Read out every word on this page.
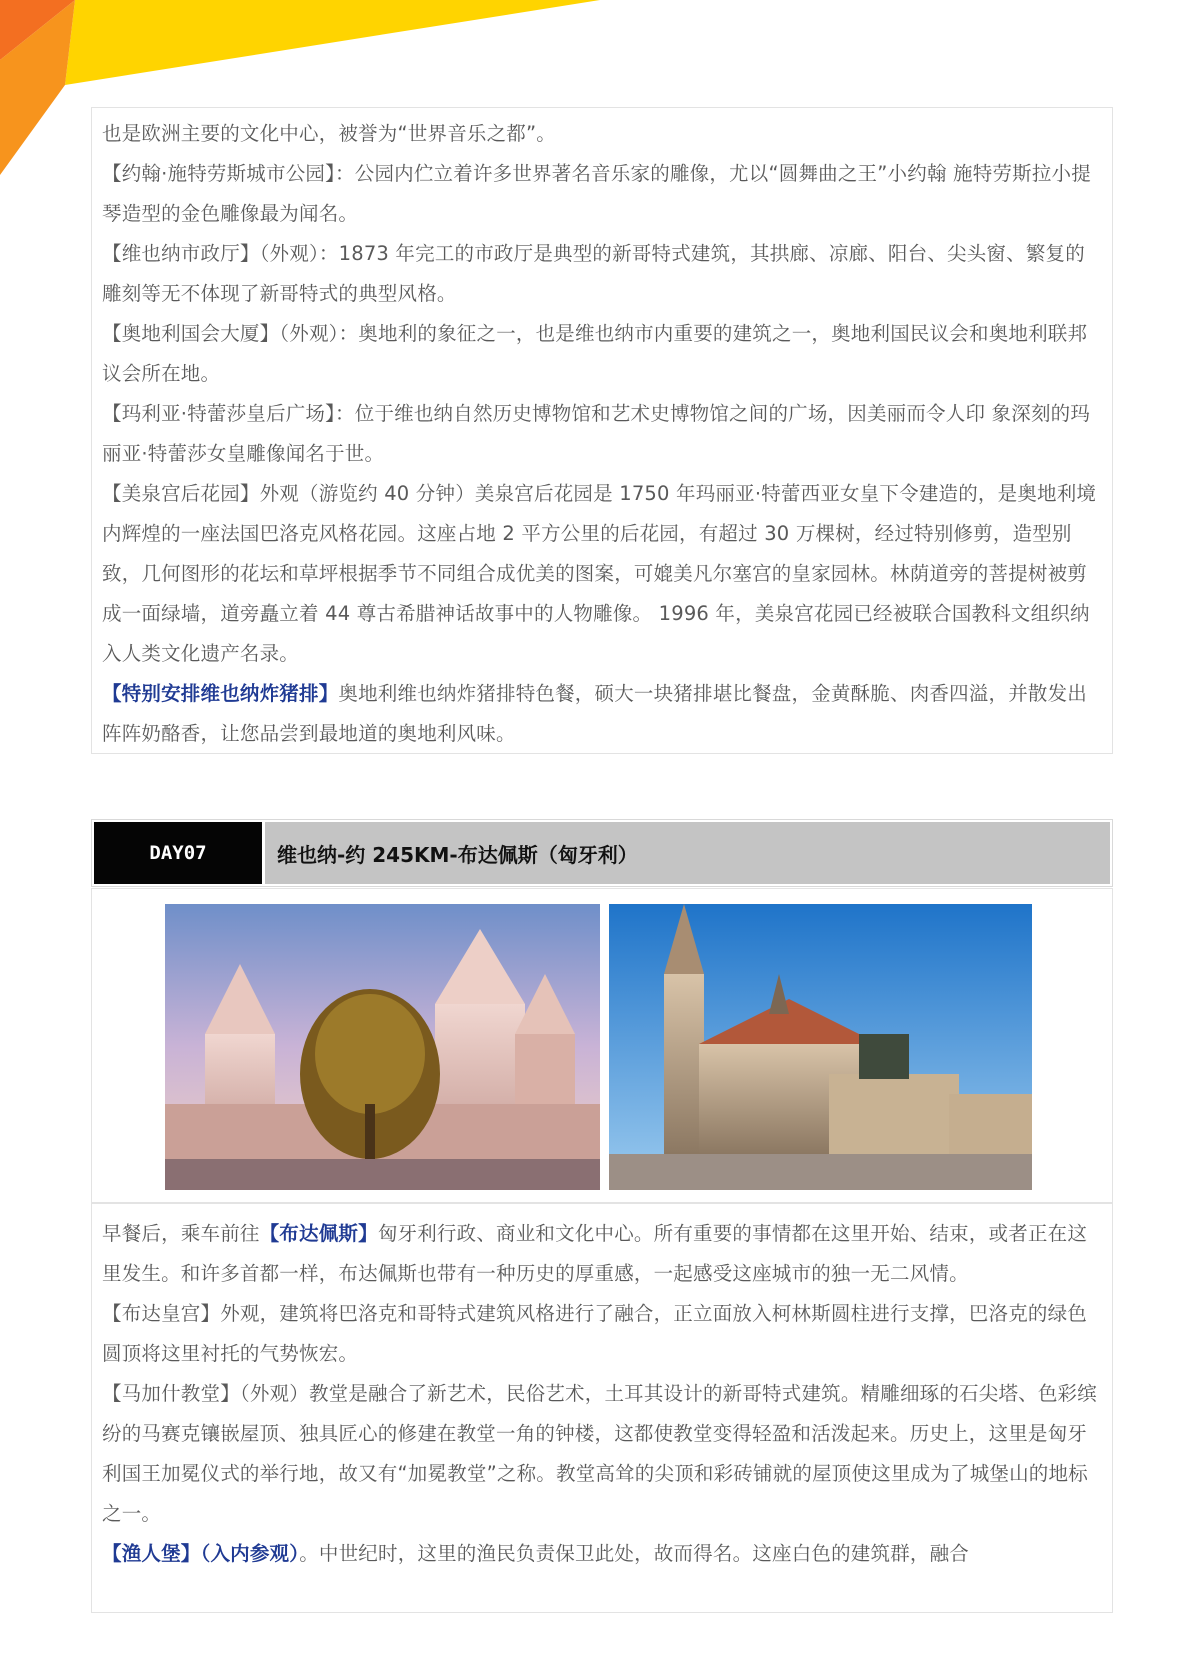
也是欧洲主要的文化中心，被誉为“世界音乐之都”。

【约翰·施特劳斯城市公园】：公园内伫立着许多世界著名音乐家的雕像，尤以“圆舞曲之王”小约翰 施特劳斯拉小提琴造型的金色雕像最为闻名。

【维也纳市政厅】（外观）：1873 年完工的市政厅是典型的新哥特式建筑，其拱廊、凉廊、阳台、尖头窗、繁复的雕刻等无不体现了新哥特式的典型风格。

【奥地利国会大厦】（外观）：奥地利的象征之一，也是维也纳市内重要的建筑之一，奥地利国民议会和奥地利联邦议会所在地。

【玛利亚·特蕾莎皇后广场】：位于维也纳自然历史博物馆和艺术史博物馆之间的广场，因美丽而令人印 象深刻的玛丽亚·特蕾莎女皇雕像闻名于世。

【美泉宫后花园】外观（游览约 40 分钟）美泉宫后花园是 1750 年玛丽亚·特蕾西亚女皇下令建造的，是奥地利境内辉煌的一座法国巴洛克风格花园。这座占地 2 平方公里的后花园，有超过 30 万棵树，经过特别修剪，造型别致，几何图形的花坛和草坪根据季节不同组合成优美的图案，可媲美凡尔塞宫的皇家园林。林荫道旁的菩提树被剪成一面绿墙，道旁矗立着 44 尊古希腊神话故事中的人物雕像。 1996 年，美泉宫花园已经被联合国教科文组织纳入人类文化遗产名录。

【特别安排维也纳炸猪排】奥地利维也纳炸猪排特色餐，硕大一块猪排堪比餐盘，金黄酥脆、肉香四溢，并散发出阵阵奶酪香，让您品尝到最地道的奥地利风味。

DAY07	维也纳-约 245KM-布达佩斯（匈牙利）

早餐后，乘车前往【布达佩斯】匈牙利行政、商业和文化中心。所有重要的事情都在这里开始、结束，或者正在这里发生。和许多首都一样，布达佩斯也带有一种历史的厚重感，一起感受这座城市的独一无二风情。

【布达皇宫】外观，建筑将巴洛克和哥特式建筑风格进行了融合，正立面放入柯林斯圆柱进行支撑，巴洛克的绿色圆顶将这里衬托的气势恢宏。

【马加什教堂】（外观）教堂是融合了新艺术，民俗艺术，土耳其设计的新哥特式建筑。精雕细琢的石尖塔、色彩缤纷的马赛克镶嵌屋顶、独具匠心的修建在教堂一角的钟楼，这都使教堂变得轻盈和活泼起来。历史上，这里是匈牙利国王加冕仪式的举行地，故又有“加冕教堂”之称。教堂高耸的尖顶和彩砖铺就的屋顶使这里成为了城堡山的地标之一。

【渔人堡】（入内参观）。中世纪时，这里的渔民负责保卫此处，故而得名。这座白色的建筑群，融合
